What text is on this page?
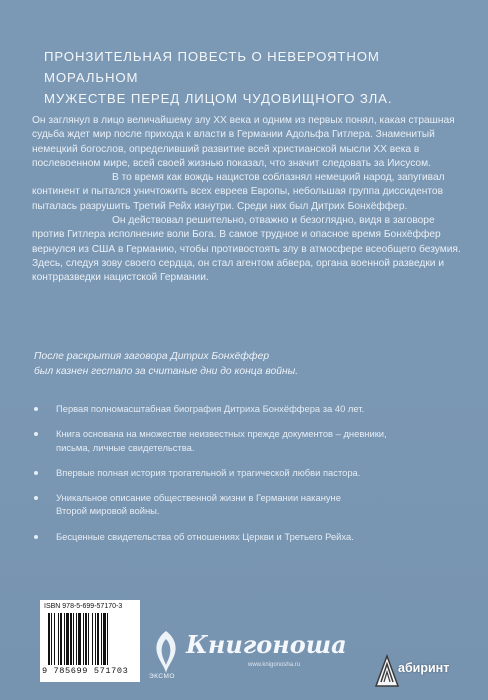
ПРОНЗИТЕЛЬНАЯ ПОВЕСТЬ О НЕВЕРОЯТНОМ МОРАЛЬНОМ
МУЖЕСТВЕ ПЕРЕД ЛИЦОМ ЧУДОВИЩНОГО ЗЛА.

Он заглянул в лицо величайшему злу XX века и одним из первых понял, какая страшная судьба ждет мир после прихода к власти в Германии Адольфа Гитлера. Знаменитый немецкий богослов, определивший развитие всей христианской мысли XX века в послевоенном мире, всей своей жизнью показал, что значит следовать за Иисусом.

В то время как вождь нацистов соблазнял немецкий народ, запугивал континент и пытался уничтожить всех евреев Европы, небольшая группа диссидентов пыталась разрушить Третий Рейх изнутри. Среди них был Дитрих Бонхёффер.

Он действовал решительно, отважно и безоглядно, видя в заговоре против Гитлера исполнение воли Бога. В самое трудное и опасное время Бонхёффер вернулся из США в Германию, чтобы противостоять злу в атмосфере всеобщего безумия. Здесь, следуя зову своего сердца, он стал агентом абвера, органа военной разведки и контрразведки нацистской Германии.

После раскрытия заговора Дитрих Бонхёффер
был казнен гестапо за считаные дни до конца войны.
Первая полномасштабная биография Дитриха Бонхёффера за 40 лет.
Книга основана на множестве неизвестных прежде документов – дневники,
письма, личные свидетельства.
Впервые полная история трогательной и трагической любви пастора.
Уникальное описание общественной жизни в Германии накануне
Второй мировой войны.
Бесценные свидетельства об отношениях Церкви и Третьего Рейха.
ISBN 978-5-699-57170-3
9 785699 571703
ЭКСМО
Книгоноша
www.knigonosha.ru	абиринт
